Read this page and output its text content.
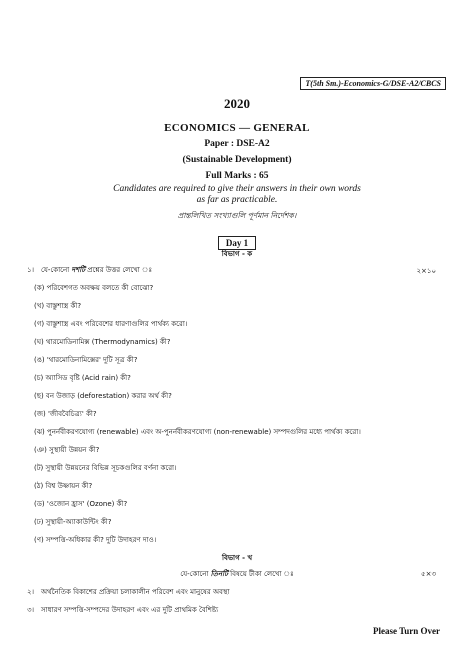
T(5th Sm.)-Economics-G/DSE-A2/CBCS
2020
ECONOMICS — GENERAL
Paper : DSE-A2
(Sustainable Development)
Full Marks : 65
Candidates are required to give their answers in their own words
as far as practicable.
প্রান্তলিখিত সংখ্যাগুলি পূর্ণমান নির্দেশক।
Day 1
বিভাগ - ক
১। যে-কোনো দশটি প্রশ্নের উত্তর লেখো ঃ	২×১০
(ক) পরিবেশগত অবক্ষয় বলতে কী বোঝো?
(খ) বাস্তুশাস্ত্র কী?
(গ) বাস্তুশাস্ত্র এবং পরিবেশের ধারণাগুলির পার্থক্য করো।
(ঘ) থারমোডিনামিক্স (Thermodynamics) কী?
(ঙ) 'থারমোডিনামিক্সের' দুটি সূত্র কী?
(চ) অ্যাসিড বৃষ্টি (Acid rain) কী?
(ছ) বন উজাড় (deforestation) করার অর্থ কী?
(জ) 'জীববৈচিত্র্য' কী?
(ঝ) পুনর্নবীকরণযোগ্য (renewable) এবং অ-পুনর্নবীকরণযোগ্য (non-renewable) সম্পদগুলির মধ্যে পার্থক্য করো।
(ঞ) সুস্থায়ী উন্নয়ন কী?
(ট) সুস্থায়ী উন্নয়নের বিভিন্ন সূচকগুলির বর্ণনা করো।
(ঠ) বিশ্ব উষ্ণায়ন কী?
(ড) 'ওজোন হ্রাস' (Ozone) কী?
(ঢ) সুস্থায়ী-অ্যাকাউন্টিং কী?
(ণ) সম্পত্তি-অধিকার কী? দুটি উদাহরণ দাও।
বিভাগ - খ
যে-কোনো তিনটি বিষয়ে টীকা লেখো ঃ	৫×৩
২। অর্থনৈতিক বিকাশের প্রক্রিয়া চলাকালীন পরিবেশ এবং মানুষের অবস্থা
৩। সাধারণ সম্পত্তি-সম্পদের উদাহরণ এবং এর দুটি প্রাথমিক বৈশিষ্ট্য
Please Turn Over
